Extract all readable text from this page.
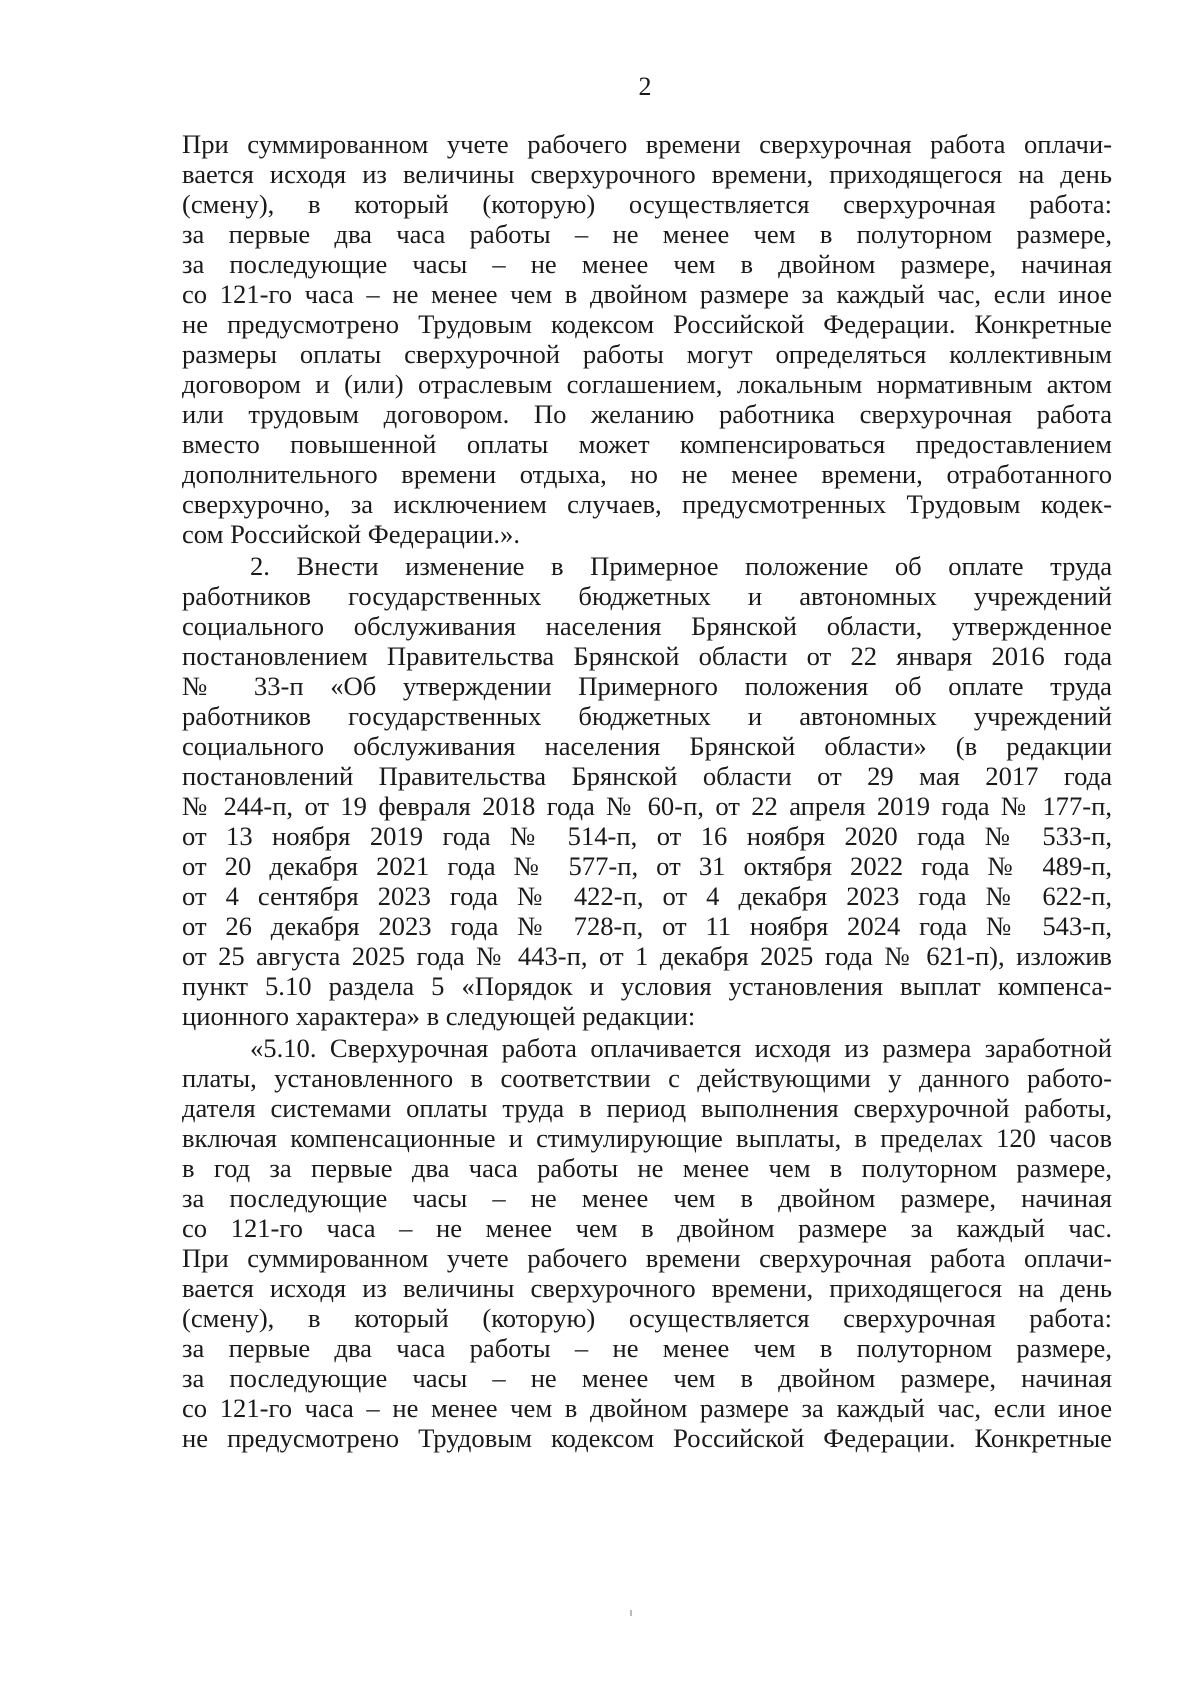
2
При суммированном учете рабочего времени сверхурочная работа оплачи-
вается исходя из величины сверхурочного времени, приходящегося на день
(смену), в который (которую) осуществляется сверхурочная работа:
за первые два часа работы – не менее чем в полуторном размере,
за последующие часы – не менее чем в двойном размере, начиная
со 121-го часа – не менее чем в двойном размере за каждый час, если иное
не предусмотрено Трудовым кодексом Российской Федерации. Конкретные
размеры оплаты сверхурочной работы могут определяться коллективным
договором и (или) отраслевым соглашением, локальным нормативным актом
или трудовым договором. По желанию работника сверхурочная работа
вместо повышенной оплаты может компенсироваться предоставлением
дополнительного времени отдыха, но не менее времени, отработанного
сверхурочно, за исключением случаев, предусмотренных Трудовым кодек-
сом Российской Федерации.».
2. Внести изменение в Примерное положение об оплате труда
работников государственных бюджетных и автономных учреждений
социального обслуживания населения Брянской области, утвержденное
постановлением Правительства Брянской области от 22 января 2016 года
№ 33-п «Об утверждении Примерного положения об оплате труда
работников государственных бюджетных и автономных учреждений
социального обслуживания населения Брянской области» (в редакции
постановлений Правительства Брянской области от 29 мая 2017 года
№ 244-п, от 19 февраля 2018 года № 60-п, от 22 апреля 2019 года № 177-п,
от 13 ноября 2019 года № 514-п, от 16 ноября 2020 года № 533-п,
от 20 декабря 2021 года № 577-п, от 31 октября 2022 года № 489-п,
от 4 сентября 2023 года № 422-п, от 4 декабря 2023 года № 622-п,
от 26 декабря 2023 года № 728-п, от 11 ноября 2024 года № 543-п,
от 25 августа 2025 года № 443-п, от 1 декабря 2025 года № 621-п), изложив
пункт 5.10 раздела 5 «Порядок и условия установления выплат компенса-
ционного характера» в следующей редакции:
«5.10. Сверхурочная работа оплачивается исходя из размера заработной
платы, установленного в соответствии с действующими у данного работо-
дателя системами оплаты труда в период выполнения сверхурочной работы,
включая компенсационные и стимулирующие выплаты, в пределах 120 часов
в год за первые два часа работы не менее чем в полуторном размере,
за последующие часы – не менее чем в двойном размере, начиная
со 121-го часа – не менее чем в двойном размере за каждый час.
При суммированном учете рабочего времени сверхурочная работа оплачи-
вается исходя из величины сверхурочного времени, приходящегося на день
(смену), в который (которую) осуществляется сверхурочная работа:
за первые два часа работы – не менее чем в полуторном размере,
за последующие часы – не менее чем в двойном размере, начиная
со 121-го часа – не менее чем в двойном размере за каждый час, если иное
не предусмотрено Трудовым кодексом Российской Федерации. Конкретные
